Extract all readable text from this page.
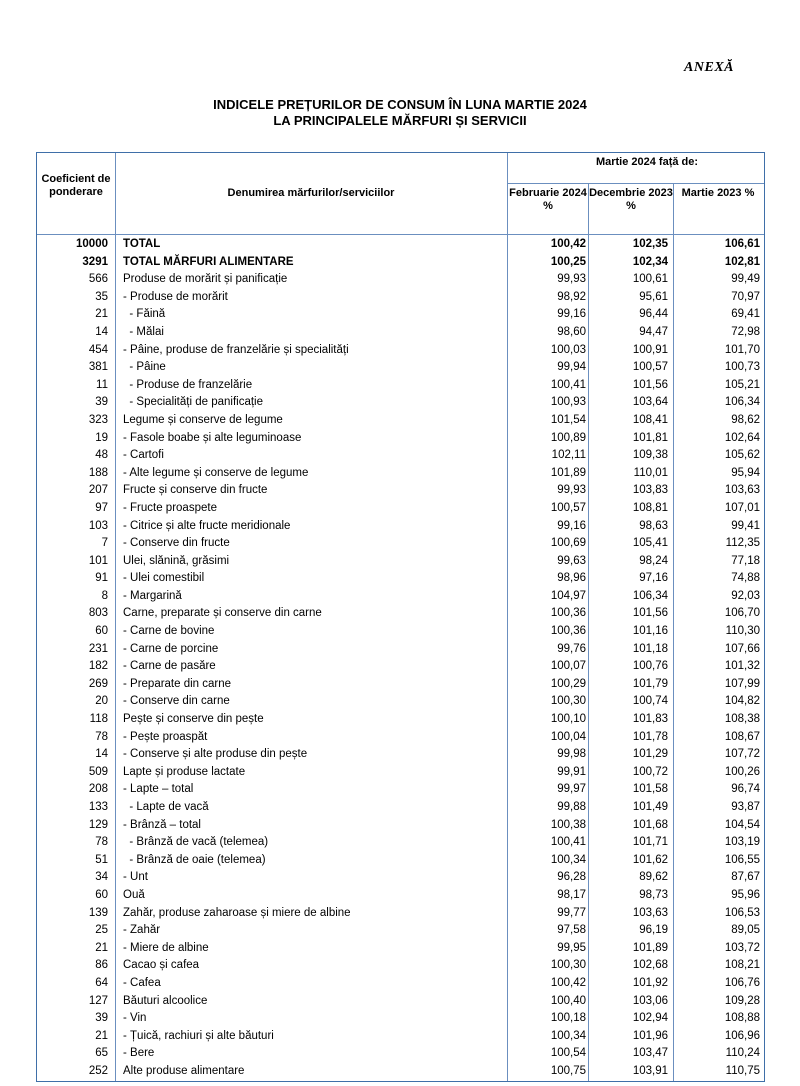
ANEXĂ
INDICELE PREȚURILOR DE CONSUM ÎN LUNA MARTIE 2024
LA PRINCIPALELE MĂRFURI ȘI SERVICII
Coeficient de ponderare	Denumirea mărfurilor/serviciilor
Martie 2024 față de:
Februarie 2024 %
Decembrie 2023 %
Martie 2023 %
10000 TOTAL	100,42	102,35	106,61
3291 TOTAL MĂRFURI ALIMENTARE	100,25	102,34	102,81
566 Produse de morărit și panificație	99,93	100,61	99,49
35 - Produse de morărit	98,92	95,61	70,97
21 - Făină	99,16	96,44	69,41
14 - Mălai	98,60	94,47	72,98
454 - Pâine, produse de franzelărie și specialități	100,03	100,91	101,70
381 - Pâine	99,94	100,57	100,73
11 - Produse de franzelărie	100,41	101,56	105,21
39 - Specialități de panificație	100,93	103,64	106,34
323 Legume și conserve de legume	101,54	108,41	98,62
19 - Fasole boabe și alte leguminoase	100,89	101,81	102,64
48 - Cartofi	102,11	109,38	105,62
188 - Alte legume și conserve de legume	101,89	110,01	95,94
207 Fructe și conserve din fructe	99,93	103,83	103,63
97 - Fructe proaspete	100,57	108,81	107,01
103 - Citrice și alte fructe meridionale	99,16	98,63	99,41
7 - Conserve din fructe	100,69	105,41	112,35
101 Ulei, slănină, grăsimi	99,63	98,24	77,18
91 - Ulei comestibil	98,96	97,16	74,88
8 - Margarină	104,97	106,34	92,03
803 Carne, preparate și conserve din carne	100,36	101,56	106,70
60 - Carne de bovine	100,36	101,16	110,30
231 - Carne de porcine	99,76	101,18	107,66
182 - Carne de pasăre	100,07	100,76	101,32
269 - Preparate din carne	100,29	101,79	107,99
20 - Conserve din carne	100,30	100,74	104,82
118 Pește și conserve din pește	100,10	101,83	108,38
78 - Pește proaspăt	100,04	101,78	108,67
14 - Conserve și alte produse din pește	99,98	101,29	107,72
509 Lapte și produse lactate	99,91	100,72	100,26
208 - Lapte – total	99,97	101,58	96,74
133 - Lapte de vacă	99,88	101,49	93,87
129 - Brânză – total	100,38	101,68	104,54
78 - Brânză de vacă (telemea)	100,41	101,71	103,19
51 - Brânză de oaie (telemea)	100,34	101,62	106,55
34 - Unt	96,28	89,62	87,67
60 Ouă	98,17	98,73	95,96
139 Zahăr, produse zaharoase și miere de albine	99,77	103,63	106,53
25 - Zahăr	97,58	96,19	89,05
21 - Miere de albine	99,95	101,89	103,72
86 Cacao și cafea	100,30	102,68	108,21
64 - Cafea	100,42	101,92	106,76
127 Băuturi alcoolice	100,40	103,06	109,28
39 - Vin	100,18	102,94	108,88
21 - Țuică, rachiuri și alte băuturi	100,34	101,96	106,96
65 - Bere	100,54	103,47	110,24
252 Alte produse alimentare	100,75	103,91	110,75
